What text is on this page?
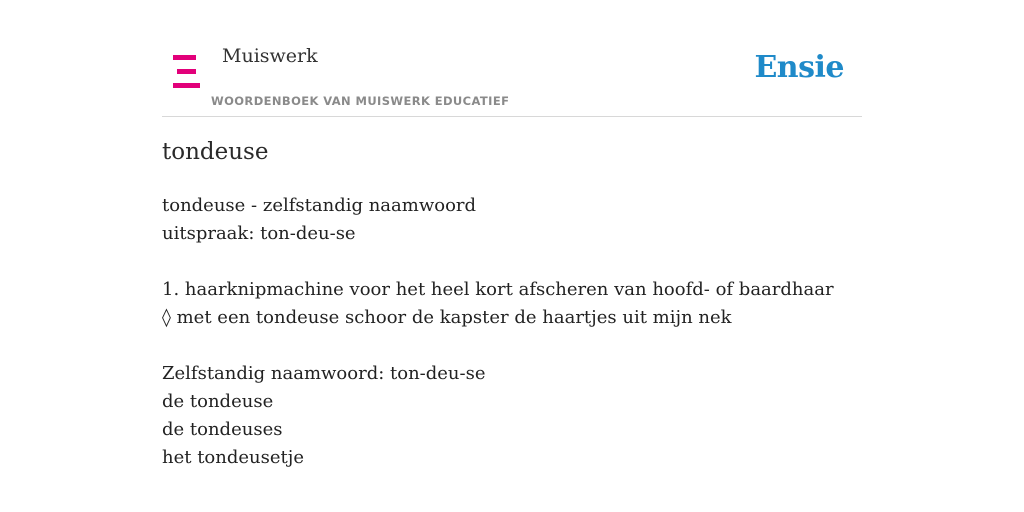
Muiswerk
WOORDENBOEK VAN MUISWERK EDUCATIEF
Ensie
tondeuse
tondeuse - zelfstandig naamwoord
uitspraak: ton-deu-se
1. haarknipmachine voor het heel kort afscheren van hoofd- of baardhaar
◊ met een tondeuse schoor de kapster de haartjes uit mijn nek
Zelfstandig naamwoord: ton-deu-se
de tondeuse
de tondeuses
het tondeusetje
